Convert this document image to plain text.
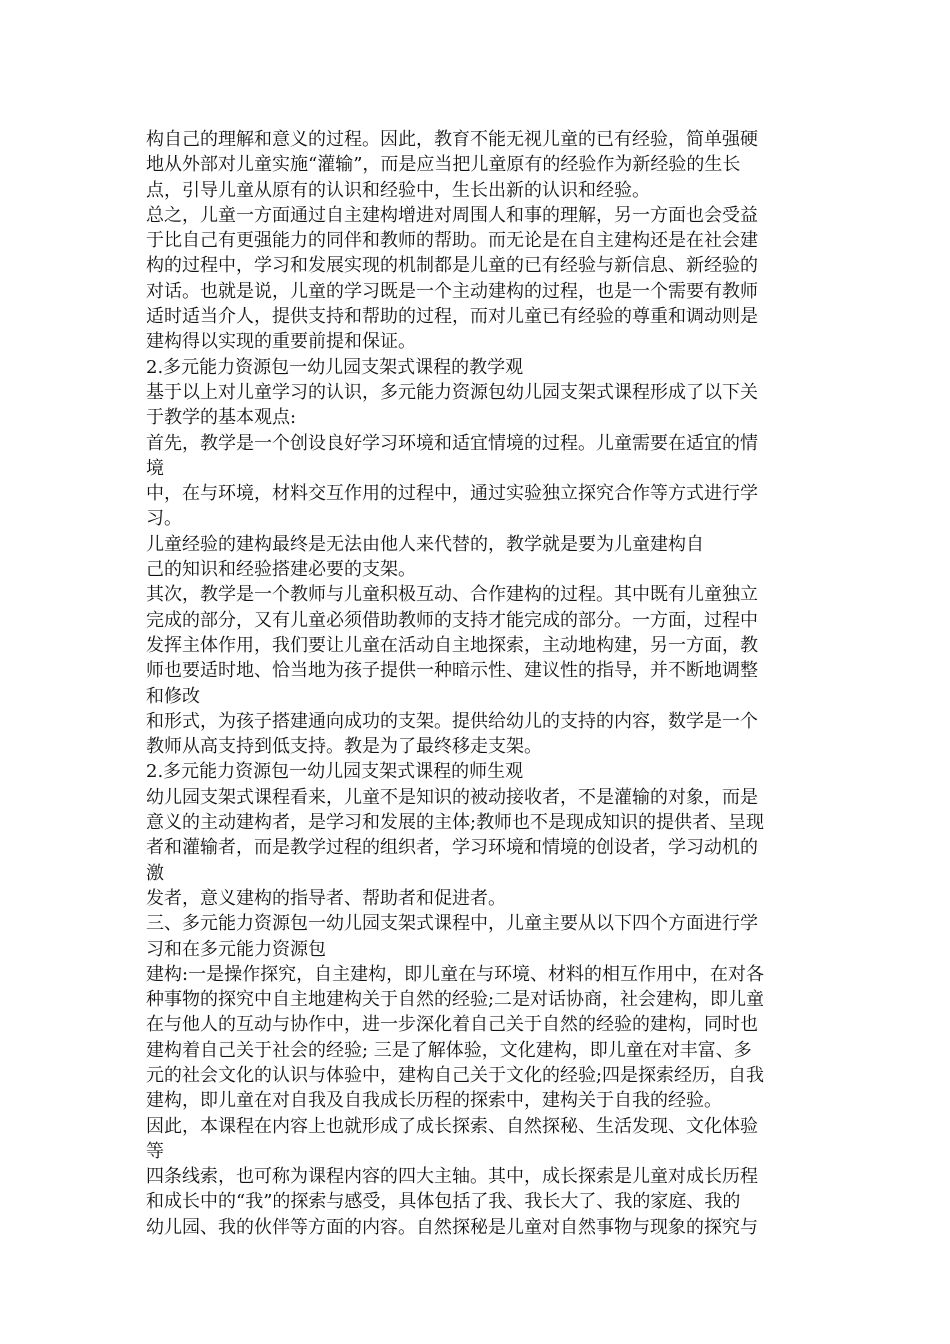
构自己的理解和意义的过程。因此，教育不能无视儿童的已有经验，简单强硬
地从外部对儿童实施“灌输”，而是应当把儿童原有的经验作为新经验的生长
点，引导儿童从原有的认识和经验中，生长出新的认识和经验。
总之，儿童一方面通过自主建构增进对周围人和事的理解，另一方面也会受益
于比自己有更强能力的同伴和教师的帮助。而无论是在自主建构还是在社会建
构的过程中，学习和发展实现的机制都是儿童的已有经验与新信息、新经验的
对话。也就是说，儿童的学习既是一个主动建构的过程，也是一个需要有教师
适时适当介人，提供支持和帮助的过程，而对儿童已有经验的尊重和调动则是
建构得以实现的重要前提和保证。
2.多元能力资源包一幼儿园支架式课程的教学观
基于以上对儿童学习的认识，多元能力资源包幼儿园支架式课程形成了以下关
于教学的基本观点:
首先，教学是一个创设良好学习环境和适宜情境的过程。儿童需要在适宜的情
境
中，在与环境，材料交互作用的过程中，通过实验独立探究合作等方式进行学
习。
儿童经验的建构最终是无法由他人来代替的，教学就是要为儿童建构自
己的知识和经验搭建必要的支架。
其次，教学是一个教师与儿童积极互动、合作建构的过程。其中既有儿童独立
完成的部分，又有儿童必须借助教师的支持才能完成的部分。一方面，过程中
发挥主体作用，我们要让儿童在活动自主地探索，主动地构建，另一方面，教
师也要适时地、恰当地为孩子提供一种暗示性、建议性的指导，并不断地调整
和修改
和形式，为孩子搭建通向成功的支架。提供给幼儿的支持的内容，数学是一个
教师从高支持到低支持。教是为了最终移走支架。
2.多元能力资源包一幼儿园支架式课程的师生观
幼儿园支架式课程看来，儿童不是知识的被动接收者，不是灌输的对象，而是
意义的主动建构者，是学习和发展的主体;教师也不是现成知识的提供者、呈现
者和灌输者，而是教学过程的组织者，学习环境和情境的创设者，学习动机的
激
发者，意义建构的指导者、帮助者和促进者。
三、多元能力资源包一幼儿园支架式课程中，儿童主要从以下四个方面进行学
习和在多元能力资源包
建构:一是操作探究，自主建构，即儿童在与环境、材料的相互作用中，在对各
种事物的探究中自主地建构关于自然的经验;二是对话协商，社会建构，即儿童
在与他人的互动与协作中，进一步深化着自己关于自然的经验的建构，同时也
建构着自己关于社会的经验; 三是了解体验，文化建构，即儿童在对丰富、多
元的社会文化的认识与体验中，建构自己关于文化的经验;四是探索经历，自我
建构，即儿童在对自我及自我成长历程的探索中，建构关于自我的经验。
因此，本课程在内容上也就形成了成长探索、自然探秘、生活发现、文化体验
等
四条线索，也可称为课程内容的四大主轴。其中，成长探索是儿童对成长历程
和成长中的“我”的探索与感受，具体包括了我、我长大了、我的家庭、我的
幼儿园、我的伙伴等方面的内容。自然探秘是儿童对自然事物与现象的探究与
